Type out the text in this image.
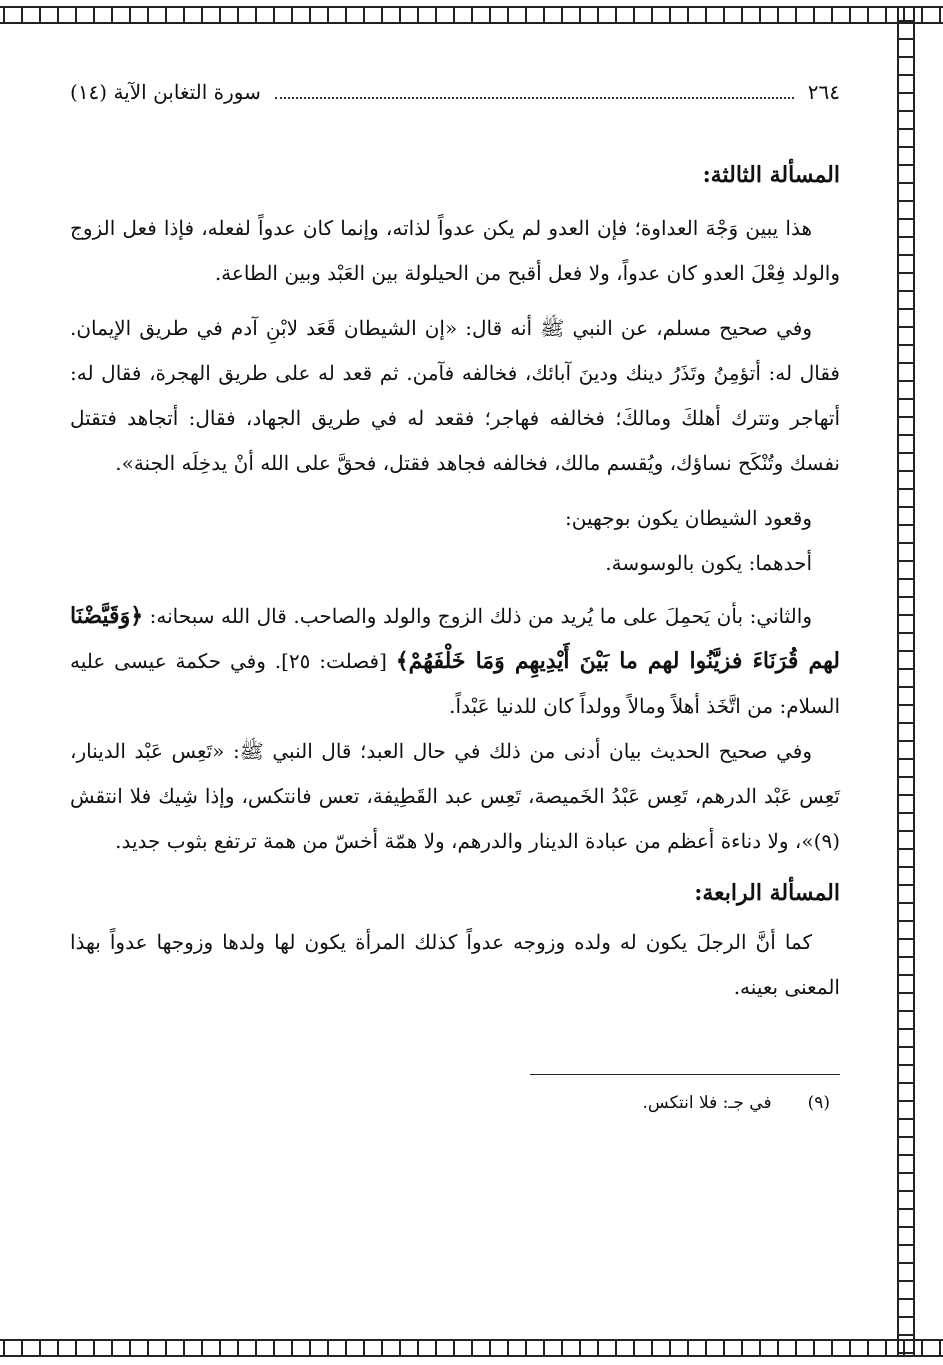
٢٦٤
سورة التغابن الآية (١٤)
المسألة الثالثة:

هذا يبين وَجْهَ العداوة؛ فإن العدو لم يكن عدواً لذاته، وإنما كان عدواً لفعله، فإذا فعل الزوج والولد فِعْلَ العدو كان عدواً، ولا فعل أقبح من الحيلولة بين العَبْد وبين الطاعة.

وفي صحيح مسلم، عن النبي ﷺ أنه قال: «إن الشيطان قَعَد لابْنِ آدم في طريق الإيمان. فقال له: أتؤمِنُ وتَذَرُ دينك ودينَ آبائك، فخالفه فآمن. ثم قعد له على طريق الهجرة، فقال له: أتهاجر وتترك أهلكَ ومالكَ؛ فخالفه فهاجر؛ فقعد له في طريق الجهاد، فقال: أتجاهد فتقتل نفسك وتُنْكَح نساؤك، ويُقسم مالك، فخالفه فجاهد فقتل، فحقَّ على الله أنْ يدخِلَه الجنة».

وقعود الشيطان يكون بوجهين:

أحدهما: يكون بالوسوسة.

والثاني: بأن يَحمِلَ على ما يُريد من ذلك الزوج والولد والصاحب. قال الله سبحانه: ﴿وَقَيَّضْنَا لهم قُرَنَاءَ فزيَّنُوا لهم ما بَيْنَ أَيْدِيهِم وَمَا خَلْفَهُمْ﴾ [فصلت: ٢٥]. وفي حكمة عيسى عليه السلام: من اتَّخَذ أهلاً ومالاً وولداً كان للدنيا عَبْداً.

وفي صحيح الحديث بيان أدنى من ذلك في حال العبد؛ قال النبي ﷺ: «تَعِس عَبْد الدينار، تَعِس عَبْد الدرهم، تَعِس عَبْدُ الخَميصة، تَعِس عبد القَطِيفة، تعس فانتكس، وإذا شِيك فلا انتقش (٩)»، ولا دناءة أعظم من عبادة الدينار والدرهم، ولا همّة أخسّ من همة ترتفع بثوب جديد.

المسألة الرابعة:

كما أنَّ الرجلَ يكون له ولده وزوجه عدواً كذلك المرأة يكون لها ولدها وزوجها عدواً بهذا المعنى بعينه.

(٩)
في جـ: فلا انتكس.
